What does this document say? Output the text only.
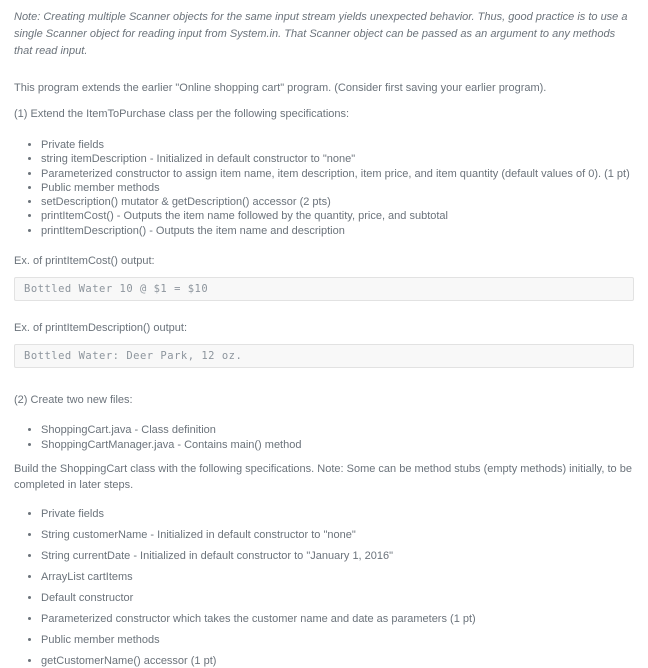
Note: Creating multiple Scanner objects for the same input stream yields unexpected behavior. Thus, good practice is to use a single Scanner object for reading input from System.in. That Scanner object can be passed as an argument to any methods that read input.

This program extends the earlier "Online shopping cart" program. (Consider first saving your earlier program).

(1) Extend the ItemToPurchase class per the following specifications:

• Private fields
• string itemDescription - Initialized in default constructor to "none"
• Parameterized constructor to assign item name, item description, item price, and item quantity (default values of 0). (1 pt)
• Public member methods
• setDescription() mutator & getDescription() accessor (2 pts)
• printItemCost() - Outputs the item name followed by the quantity, price, and subtotal
• printItemDescription() - Outputs the item name and description

Ex. of printItemCost() output:

Bottled Water 10 @ $1 = $10

Ex. of printItemDescription() output:

Bottled Water: Deer Park, 12 oz.

(2) Create two new files:

• ShoppingCart.java - Class definition
• ShoppingCartManager.java - Contains main() method

Build the ShoppingCart class with the following specifications. Note: Some can be method stubs (empty methods) initially, to be completed in later steps.

• Private fields
• String customerName - Initialized in default constructor to "none"
• String currentDate - Initialized in default constructor to "January 1, 2016"
• ArrayList cartItems
• Default constructor
• Parameterized constructor which takes the customer name and date as parameters (1 pt)
• Public member methods
• getCustomerName() accessor (1 pt)
